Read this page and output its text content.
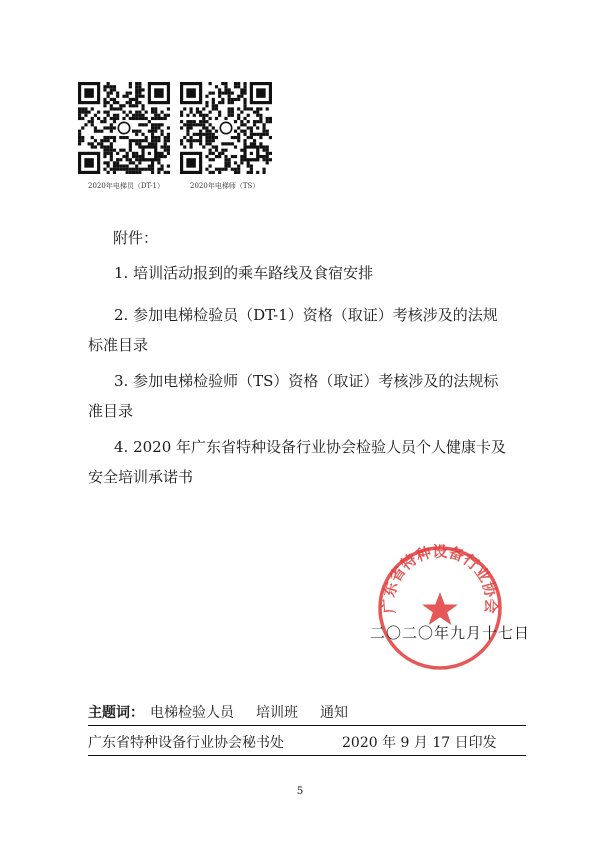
2020年电梯员（DT-1）	2020年电梯师（TS）
附件：
1. 培训活动报到的乘车路线及食宿安排
2. 参加电梯检验员（DT-1）资格（取证）考核涉及的法规
标准目录
3. 参加电梯检验师（TS）资格（取证）考核涉及的法规标
准目录
4. 2020 年广东省特种设备行业协会检验人员个人健康卡及
安全培训承诺书
广东省特种设备行业协会
二〇二〇年九月十七日
主题词： 电梯检验人员 培训班 通知
广东省特种设备行业协会秘书处	2020 年 9 月 17 日印发
5
